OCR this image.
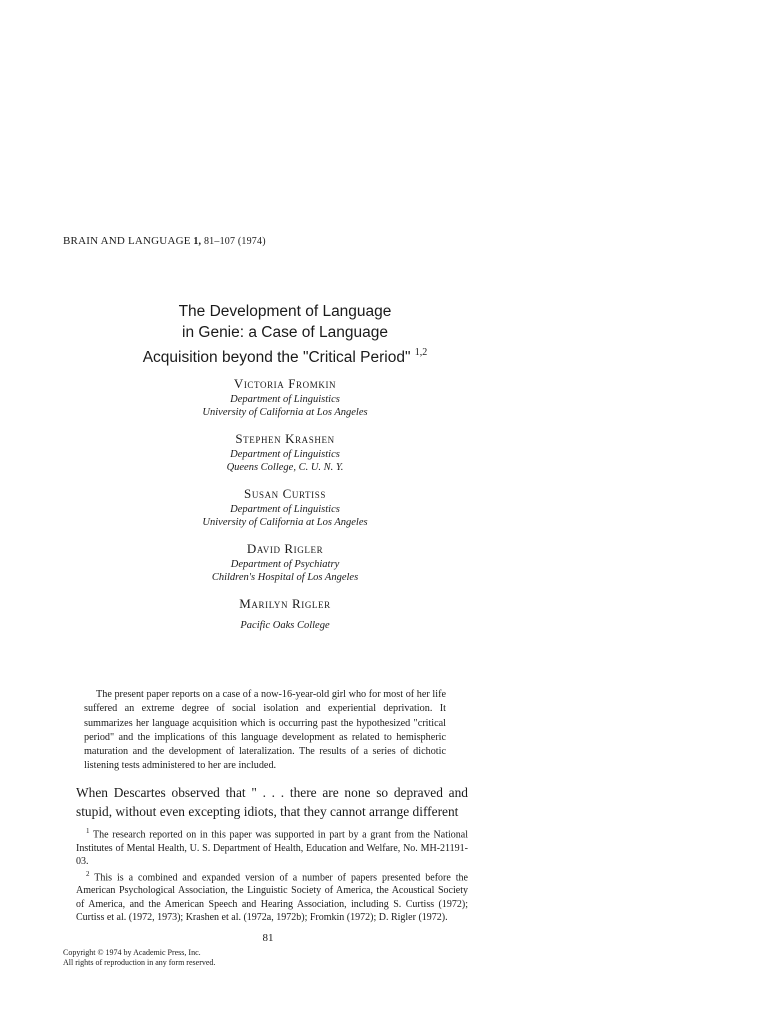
BRAIN AND LANGUAGE 1, 81–107 (1974)
The Development of Language
in Genie: a Case of Language
Acquisition beyond the "Critical Period" $^{1,2}$
Victoria Fromkin
Department of Linguistics
University of California at Los Angeles
Stephen Krashen
Department of Linguistics
Queens College, C. U. N. Y.
Susan Curtiss
Department of Linguistics
University of California at Los Angeles
David Rigler
Department of Psychiatry
Children's Hospital of Los Angeles
Marilyn Rigler
Pacific Oaks College

The present paper reports on a case of a now-16-year-old girl who for most of her life suffered an extreme degree of social isolation and experiential deprivation. It summarizes her language acquisition which is occurring past the hypothesized "critical period" and the implications of this language development as related to hemispheric maturation and the development of lateralization. The results of a series of dichotic listening tests administered to her are included.

When Descartes observed that " . . . there are none so depraved and stupid, without even excepting idiots, that they cannot arrange different

$^1$ The research reported on in this paper was supported in part by a grant from the National Institutes of Mental Health, U. S. Department of Health, Education and Welfare, No. MH-21191-03.

$^2$ This is a combined and expanded version of a number of papers presented before the American Psychological Association, the Linguistic Society of America, the Acoustical Society of America, and the American Speech and Hearing Association, including S. Curtiss (1972); Curtiss et al. (1972, 1973); Krashen et al. (1972a, 1972b); Fromkin (1972); D. Rigler (1972).

81
Copyright © 1974 by Academic Press, Inc.
All rights of reproduction in any form reserved.
